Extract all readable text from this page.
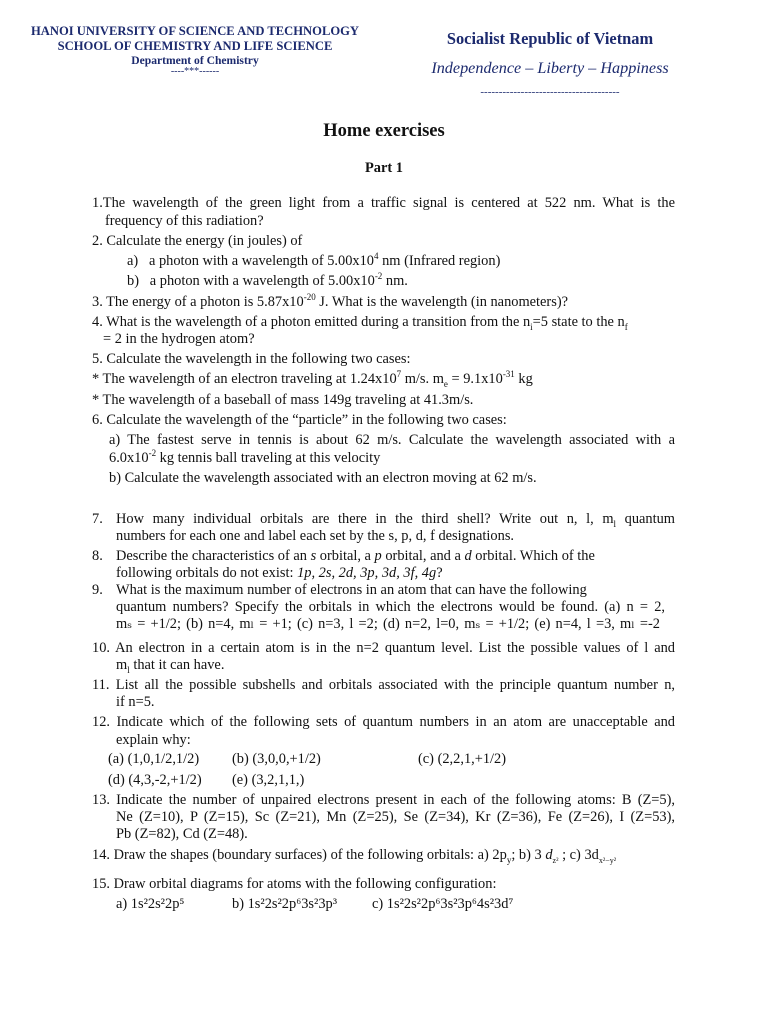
HANOI UNIVERSITY OF SCIENCE AND TECHNOLOGY
SCHOOL OF CHEMISTRY AND LIFE SCIENCE
Department of Chemistry
----***------
Socialist Republic of Vietnam
Independence – Liberty – Happiness
--------------------------------------
Home exercises
Part 1
1.The wavelength of the green light from a traffic signal is centered at 522 nm. What is the
frequency of this radiation?
2. Calculate the energy (in joules) of
a) a photon with a wavelength of $5.00x10^4$ nm (Infrared region)
b) a photon with a wavelength of $5.00x10^{-2}$ nm.
3. The energy of a photon is $5.87x10^{-20}$ J. What is the wavelength (in nanometers)?
4. What is the wavelength of a photon emitted during a transition from the $n_i=5$ state to the $n_f$
= 2 in the hydrogen atom?
5. Calculate the wavelength in the following two cases:
* The wavelength of an electron traveling at $1.24x10^7$ m/s. $m_e = 9.1x10^{-31}$ kg
* The wavelength of a baseball of mass 149g traveling at 41.3m/s.
6. Calculate the wavelength of the “particle” in the following two cases:
a) The fastest serve in tennis is about 62 m/s. Calculate the wavelength associated with a
$6.0x10^{-2}$ kg tennis ball traveling at this velocity
b) Calculate the wavelength associated with an electron moving at 62 m/s.
7. How many individual orbitals are there in the third shell? Write out n, l, $m_l$ quantum
numbers for each one and label each set by the s, p, d, f designations.
8. Describe the characteristics of an s orbital, a p orbital, and a d orbital. Which of the
following orbitals do not exist: 1p, 2s, 2d, 3p, 3d, 3f, 4g?
9. What is the maximum number of electrons in an atom that can have the following
quantum numbers? Specify the orbitals in which the electrons would be found. (a) n = 2,
mₛ = +1/2; (b) n=4, mₗ = +1; (c) n=3, l =2; (d) n=2, l=0, mₛ = +1/2; (e) n=4, l =3, mₗ =-2
10. An electron in a certain atom is in the n=2 quantum level. List the possible values of l and
$m_l$ that it can have.
11. List all the possible subshells and orbitals associated with the principle quantum number n,
if n=5.
12. Indicate which of the following sets of quantum numbers in an atom are unacceptable and
explain why:
(a) (1,0,1/2,1/2) (b) (3,0,0,+1/2)	(c) (2,2,1,+1/2)
(d) (4,3,-2,+1/2) (e) (3,2,1,1,)
13. Indicate the number of unpaired electrons present in each of the following atoms: B (Z=5),
Ne (Z=10), P (Z=15), Sc (Z=21), Mn (Z=25), Se (Z=34), Kr (Z=36), Fe (Z=26), I (Z=53),
Pb (Z=82), Cd (Z=48).
14. Draw the shapes (boundary surfaces) of the following orbitals: a) $2p_y$; b) 3 $d_{z^2}$ ; c) $3d_{x^2-y^2}$
15. Draw orbital diagrams for atoms with the following configuration:
a) 1s²2s²2p⁵	b) 1s²2s²2p⁶3s²3p³ c) 1s²2s²2p⁶3s²3p⁶4s²3d⁷
